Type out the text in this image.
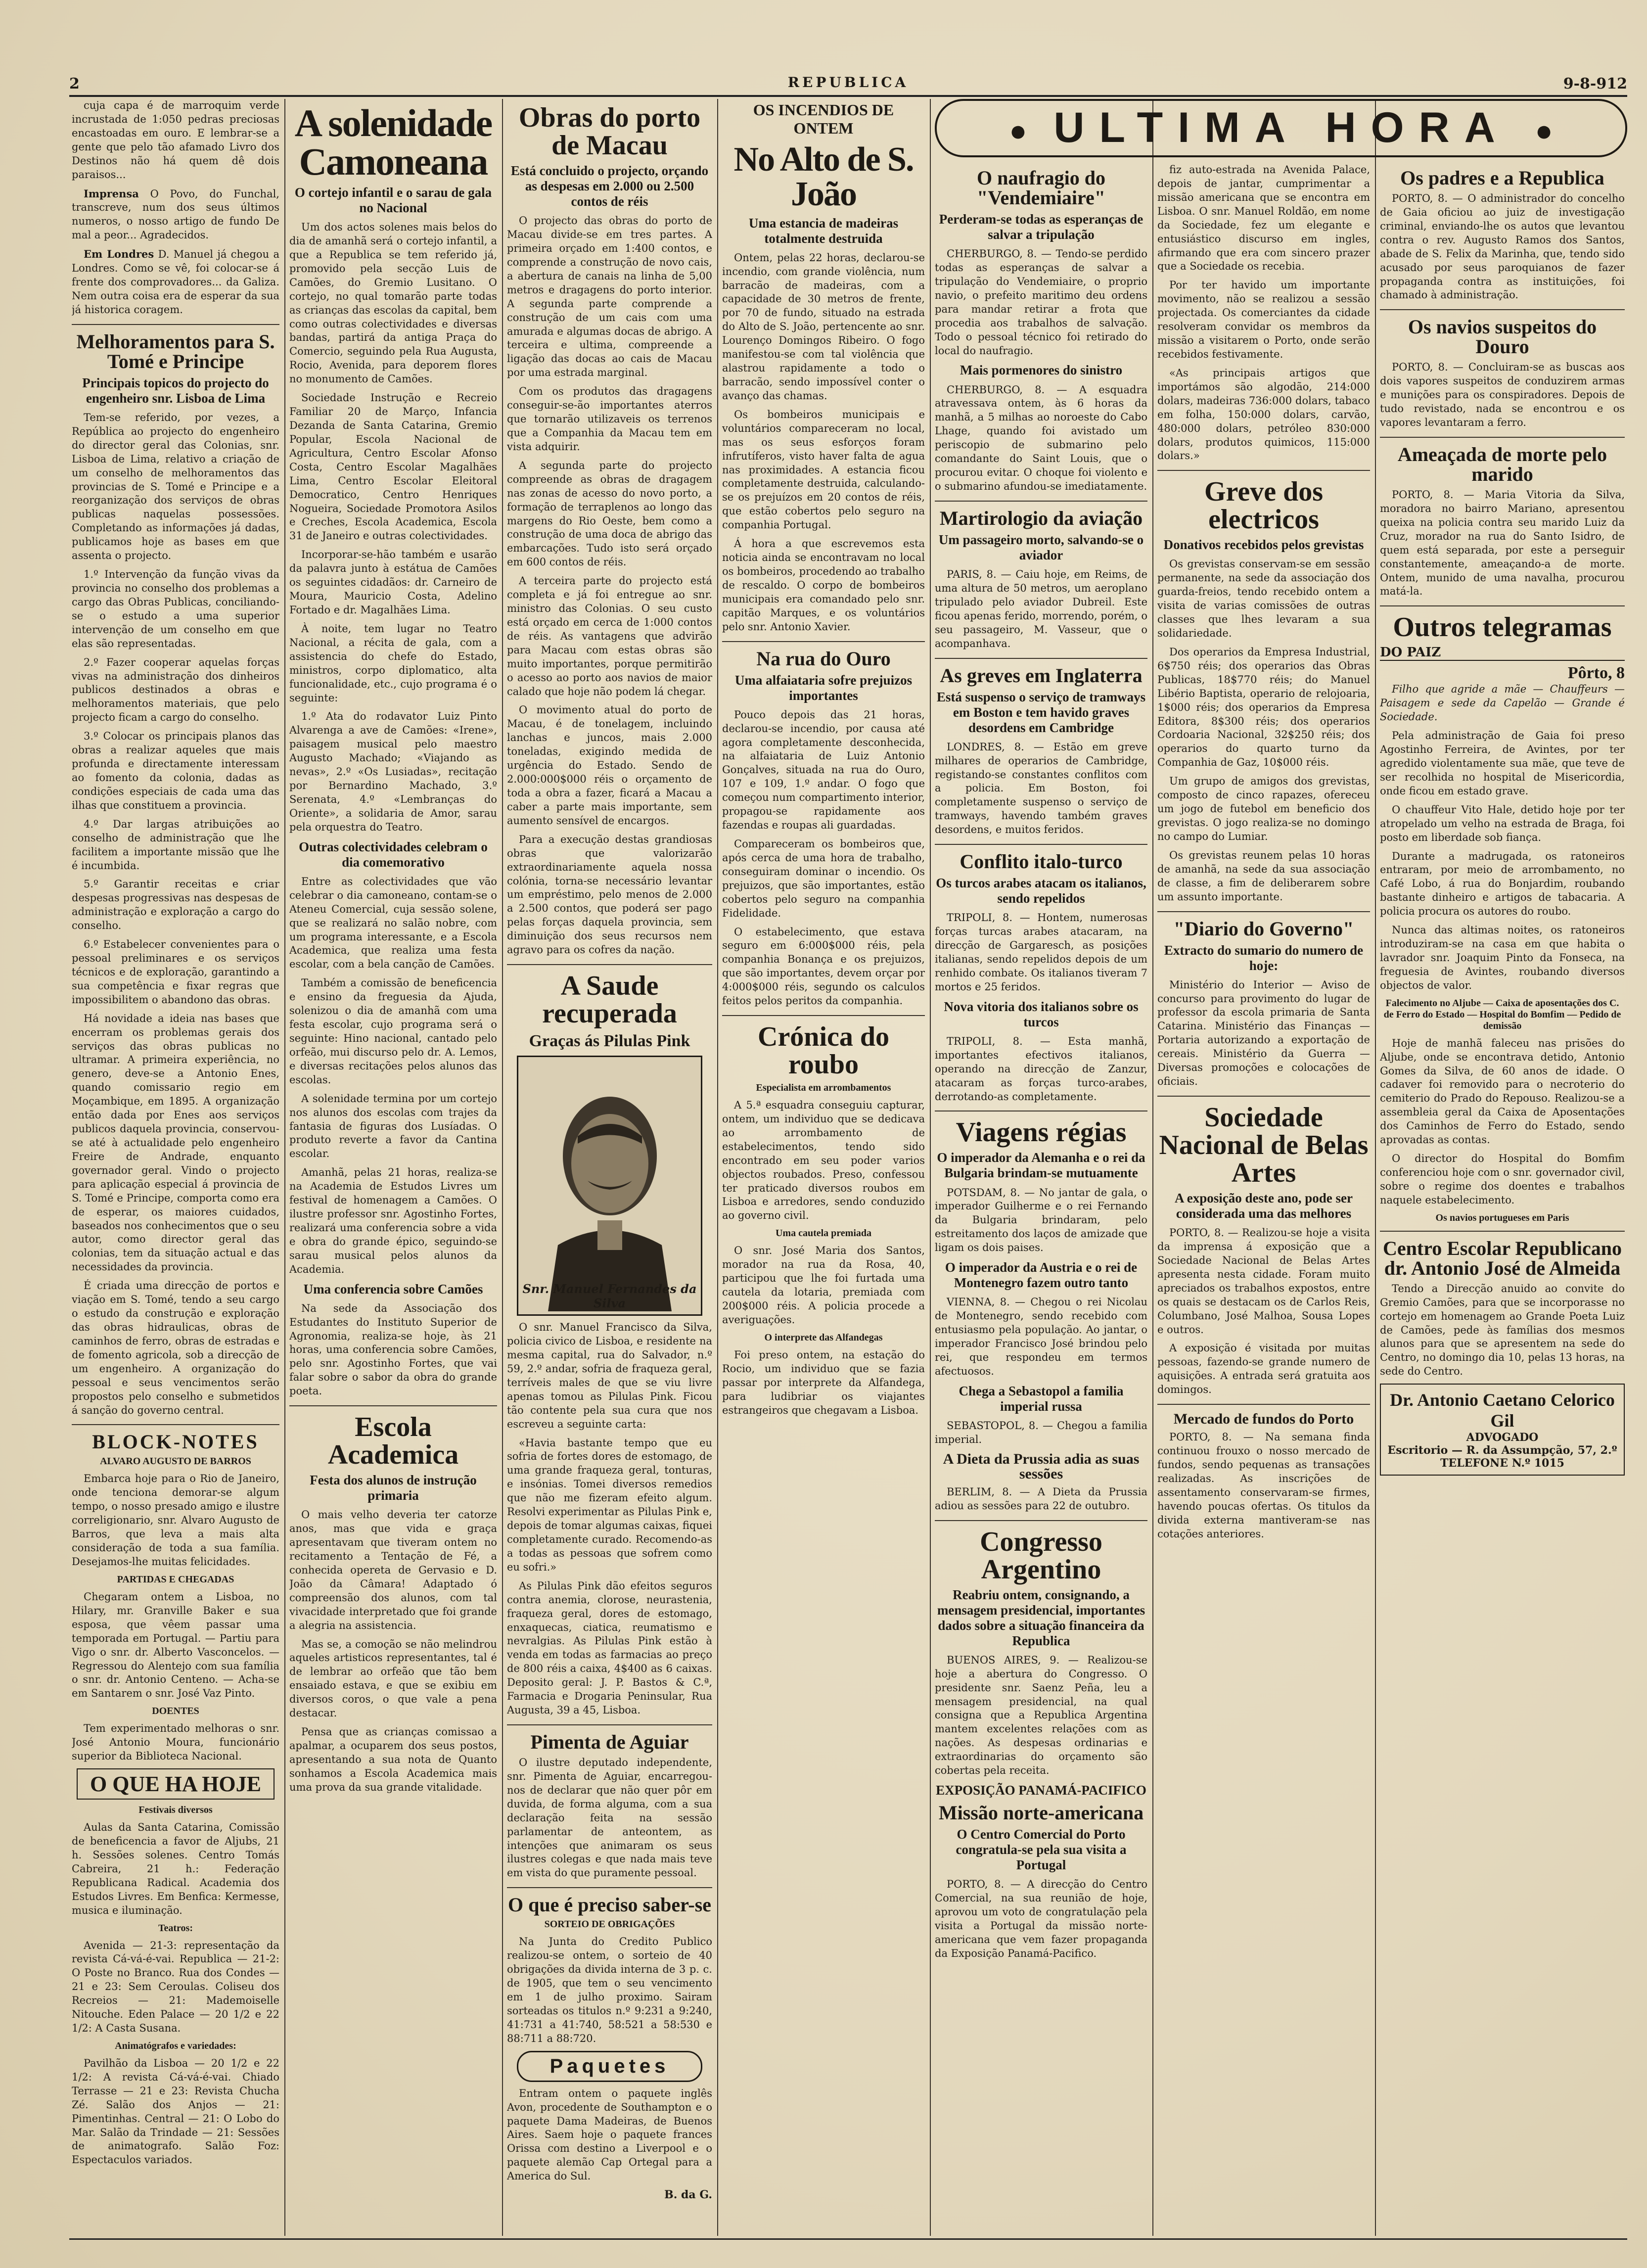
2	REPUBLICA	9-8-912

cuja capa é de marroquim verde incrustada de 1:050 pedras preciosas encastoadas em ouro. E lembrar-se a gente que pelo tão afamado Livro dos Destinos não há quem dê dois paraisos...

Imprensa O Povo, do Funchal, transcreve, num dos seus últimos numeros, o nosso artigo de fundo De mal a peor... Agradecidos.

Em Londres D. Manuel já chegou a Londres. Como se vê, foi colocar-se á frente dos comprovadores... da Galiza. Nem outra coisa era de esperar da sua já historica coragem.

Melhoramentos para S. Tomé e Principe
Principais topicos do projecto do engenheiro snr. Lisboa de Lima

Tem-se referido, por vezes, a República ao projecto do engenheiro do director geral das Colonias, snr. Lisboa de Lima, relativo a criação de um conselho de melhoramentos das provincias de S. Tomé e Principe e a reorganização dos serviços de obras publicas naquelas possessões. Completando as informações já dadas, publicamos hoje as bases em que assenta o projecto.

1.º Intervenção da função vivas da provincia no conselho dos problemas a cargo das Obras Publicas, conciliando-se o estudo a uma superior intervenção de um conselho em que elas são representadas.

2.º Fazer cooperar aquelas forças vivas na administração dos dinheiros publicos destinados a obras e melhoramentos materiais, que pelo projecto ficam a cargo do conselho.

3.º Colocar os principais planos das obras a realizar aqueles que mais profunda e directamente interessam ao fomento da colonia, dadas as condições especiais de cada uma das ilhas que constituem a provincia.

4.º Dar largas atribuições ao conselho de administração que lhe facilitem a importante missão que lhe é incumbida.

5.º Garantir receitas e criar despesas progressivas nas despesas de administração e exploração a cargo do conselho.

6.º Estabelecer convenientes para o pessoal preliminares e os serviços técnicos e de exploração, garantindo a sua competência e fixar regras que impossibilitem o abandono das obras.

Há novidade a ideia nas bases que encerram os problemas gerais dos serviços das obras publicas no ultramar. A primeira experiência, no genero, deve-se a Antonio Enes, quando comissario regio em Moçambique, em 1895. A organização então dada por Enes aos serviços publicos daquela provincia, conservou-se até à actualidade pelo engenheiro Freire de Andrade, enquanto governador geral. Vindo o projecto para aplicação especial á provincia de S. Tomé e Principe, comporta como era de esperar, os maiores cuidados, baseados nos conhecimentos que o seu autor, como director geral das colonias, tem da situação actual e das necessidades da provincia.

É criada uma direcção de portos e viação em S. Tomé, tendo a seu cargo o estudo da construção e exploração das obras hidraulicas, obras de caminhos de ferro, obras de estradas e de fomento agricola, sob a direcção de um engenheiro. A organização do pessoal e seus vencimentos serão propostos pelo conselho e submetidos á sanção do governo central.

BLOCK-NOTES
ALVARO AUGUSTO DE BARROS

Embarca hoje para o Rio de Janeiro, onde tenciona demorar-se algum tempo, o nosso presado amigo e ilustre correligionario, snr. Alvaro Augusto de Barros, que leva a mais alta consideração de toda a sua família. Desejamos-lhe muitas felicidades.

PARTIDAS E CHEGADAS

Chegaram ontem a Lisboa, no Hilary, mr. Granville Baker e sua esposa, que vêem passar uma temporada em Portugal. — Partiu para Vigo o snr. dr. Alberto Vasconcelos. — Regressou do Alentejo com sua família o snr. dr. Antonio Centeno. — Acha-se em Santarem o snr. José Vaz Pinto.

DOENTES

Tem experimentado melhoras o snr. José Antonio Moura, funcionário superior da Biblioteca Nacional.

O QUE HA HOJE
Festivais diversos

Aulas da Santa Catarina, Comissão de beneficencia a favor de Aljubs, 21 h. Sessões solenes. Centro Tomás Cabreira, 21 h.: Federação Republicana Radical. Academia dos Estudos Livres. Em Benfica: Kermesse, musica e iluminação.

Teatros:

Avenida — 21-3: representação da revista Cá-vá-é-vai. Republica — 21-2: O Poste no Branco. Rua dos Condes — 21 e 23: Sem Ceroulas. Coliseu dos Recreios — 21: Mademoiselle Nitouche. Eden Palace — 20 1/2 e 22 1/2: A Casta Susana.

Animatógrafos e variedades:

Pavilhão da Lisboa — 20 1/2 e 22 1/2: A revista Cá-vá-é-vai. Chiado Terrasse — 21 e 23: Revista Chucha Zé. Salão dos Anjos — 21: Pimentinhas. Central — 21: O Lobo do Mar. Salão da Trindade — 21: Sessões de animatografo. Salão Foz: Espectaculos variados.

A solenidade Camoneana
O cortejo infantil e o sarau de gala no Nacional

Um dos actos solenes mais belos do dia de amanhã será o cortejo infantil, a que a Republica se tem referido já, promovido pela secção Luis de Camões, do Gremio Lusitano. O cortejo, no qual tomarão parte todas as crianças das escolas da capital, bem como outras colectividades e diversas bandas, partirá da antiga Praça do Comercio, seguindo pela Rua Augusta, Rocio, Avenida, para deporem flores no monumento de Camões.

Sociedade Instrução e Recreio Familiar 20 de Março, Infancia Dezanda de Santa Catarina, Gremio Popular, Escola Nacional de Agricultura, Centro Escolar Afonso Costa, Centro Escolar Magalhães Lima, Centro Escolar Eleitoral Democratico, Centro Henriques Nogueira, Sociedade Promotora Asilos e Creches, Escola Academica, Escola 31 de Janeiro e outras colectividades.

Incorporar-se-hão também e usarão da palavra junto à estátua de Camões os seguintes cidadãos: dr. Carneiro de Moura, Mauricio Costa, Adelino Fortado e dr. Magalhães Lima.

À noite, tem lugar no Teatro Nacional, a récita de gala, com a assistencia do chefe do Estado, ministros, corpo diplomatico, alta funcionalidade, etc., cujo programa é o seguinte:

1.º Ata do rodavator Luiz Pinto Alvarenga a ave de Camões: «Irene», paisagem musical pelo maestro Augusto Machado; «Viajando as nevas», 2.º «Os Lusiadas», recitação por Bernardino Machado, 3.º Serenata, 4.º «Lembranças do Oriente», a solidaria de Amor, sarau pela orquestra do Teatro.

Outras colectividades celebram o dia comemorativo

Entre as colectividades que vão celebrar o dia camoneano, contam-se o Ateneu Comercial, cuja sessão solene, que se realizará no salão nobre, com um programa interessante, e a Escola Academica, que realiza uma festa escolar, com a bela canção de Camões.

Também a comissão de beneficencia e ensino da freguesia da Ajuda, solenizou o dia de amanhã com uma festa escolar, cujo programa será o seguinte: Hino nacional, cantado pelo orfeão, mui discurso pelo dr. A. Lemos, e diversas recitações pelos alunos das escolas.

A solenidade termina por um cortejo nos alunos dos escolas com trajes da fantasia de figuras dos Lusíadas. O produto reverte a favor da Cantina escolar.

Amanhã, pelas 21 horas, realiza-se na Academia de Estudos Livres um festival de homenagem a Camões. O ilustre professor snr. Agostinho Fortes, realizará uma conferencia sobre a vida e obra do grande épico, seguindo-se sarau musical pelos alunos da Academia.

Uma conferencia sobre Camões

Na sede da Associação dos Estudantes do Instituto Superior de Agronomia, realiza-se hoje, às 21 horas, uma conferencia sobre Camões, pelo snr. Agostinho Fortes, que vai falar sobre o sabor da obra do grande poeta.

Escola Academica
Festa dos alunos de instrução primaria

O mais velho deveria ter catorze anos, mas que vida e graça apresentavam que tiveram ontem no recitamento a Tentação de Fé, a conhecida opereta de Gervasio e D. João da Câmara! Adaptado ó compreensão dos alunos, com tal vivacidade interpretado que foi grande a alegria na assistencia.

Mas se, a comoção se não melindrou aqueles artisticos representantes, tal é de lembrar ao orfeão que tão bem ensaiado estava, e que se exibiu em diversos coros, o que vale a pena destacar.

Pensa que as crianças comissao a apalmar, a ocuparem dos seus postos, apresentando a sua nota de Quanto sonhamos a Escola Academica mais uma prova da sua grande vitalidade.

Obras do porto de Macau
Está concluido o projecto, orçando as despesas em 2.000 ou 2.500 contos de réis

O projecto das obras do porto de Macau divide-se em tres partes. A primeira orçado em 1:400 contos, e comprende a construção de novo cais, a abertura de canais na linha de 5,00 metros e dragagens do porto interior. A segunda parte comprende a construção de um cais com uma amurada e algumas docas de abrigo. A terceira e ultima, compreende a ligação das docas ao cais de Macau por uma estrada marginal.

Com os produtos das dragagens conseguir-se-ão importantes aterros que tornarão utilizaveis os terrenos que a Companhia da Macau tem em vista adquirir.

A segunda parte do projecto compreende as obras de dragagem nas zonas de acesso do novo porto, a formação de terraplenos ao longo das margens do Rio Oeste, bem como a construção de uma doca de abrigo das embarcações. Tudo isto será orçado em 600 contos de réis.

A terceira parte do projecto está completa e já foi entregue ao snr. ministro das Colonias. O seu custo está orçado em cerca de 1:000 contos de réis. As vantagens que advirão para Macau com estas obras são muito importantes, porque permitirão o acesso ao porto aos navios de maior calado que hoje não podem lá chegar.

O movimento atual do porto de Macau, é de tonelagem, incluindo lanchas e juncos, mais 2.000 toneladas, exigindo medida de urgência do Estado. Sendo de 2.000:000$000 réis o orçamento de toda a obra a fazer, ficará a Macau a caber a parte mais importante, sem aumento sensível de encargos.

Para a execução destas grandiosas obras que valorizarão extraordinariamente aquela nossa colónia, torna-se necessário levantar um empréstimo, pelo menos de 2.000 a 2.500 contos, que poderá ser pago pelas forças daquela provincia, sem diminuição dos seus recursos nem agravo para os cofres da nação.

A Saude recuperada
Graças ás Pilulas Pink
Snr. Manuel Fernandes da Silva

O snr. Manuel Francisco da Silva, policia civico de Lisboa, e residente na mesma capital, rua do Salvador, n.º 59, 2.º andar, sofria de fraqueza geral, terríveis males de que se viu livre apenas tomou as Pilulas Pink. Ficou tão contente pela sua cura que nos escreveu a seguinte carta:

«Havia bastante tempo que eu sofria de fortes dores de estomago, de uma grande fraqueza geral, tonturas, e insónias. Tomei diversos remedios que não me fizeram efeito algum. Resolvi experimentar as Pilulas Pink e, depois de tomar algumas caixas, fiquei completamente curado. Recomendo-as a todas as pessoas que sofrem como eu sofri.»

As Pilulas Pink dão efeitos seguros contra anemia, clorose, neurastenia, fraqueza geral, dores de estomago, enxaquecas, ciatica, reumatismo e nevralgias. As Pilulas Pink estão à venda em todas as farmacias ao preço de 800 réis a caixa, 4$400 as 6 caixas. Deposito geral: J. P. Bastos & C.ª, Farmacia e Drogaria Peninsular, Rua Augusta, 39 a 45, Lisboa.

Pimenta de Aguiar

O ilustre deputado independente, snr. Pimenta de Aguiar, encarregou-nos de declarar que não quer pôr em duvida, de forma alguma, com a sua declaração feita na sessão parlamentar de anteontem, as intenções que animaram os seus ilustres colegas e que nada mais teve em vista do que puramente pessoal.

O que é preciso saber-se
SORTEIO DE OBRIGAÇÕES

Na Junta do Credito Publico realizou-se ontem, o sorteio de 40 obrigações da divida interna de 3 p. c. de 1905, que tem o seu vencimento em 1 de julho proximo. Sairam sorteadas os titulos n.º 9:231 a 9:240, 41:731 a 41:740, 58:521 a 58:530 e 88:711 a 88:720.

Paquetes

Entram ontem o paquete inglês Avon, procedente de Southampton e o paquete Dama Madeiras, de Buenos Aires. Saem hoje o paquete frances Orissa com destino a Liverpool e o paquete alemão Cap Ortegal para a America do Sul.

B. da G.
OS INCENDIOS DE ONTEM
No Alto de S. João
Uma estancia de madeiras totalmente destruida

Ontem, pelas 22 horas, declarou-se incendio, com grande violência, num barracão de madeiras, com a capacidade de 30 metros de frente, por 70 de fundo, situado na estrada do Alto de S. João, pertencente ao snr. Lourenço Domingos Ribeiro. O fogo manifestou-se com tal violência que alastrou rapidamente a todo o barracão, sendo impossível conter o avanço das chamas.

Os bombeiros municipais e voluntários compareceram no local, mas os seus esforços foram infrutíferos, visto haver falta de agua nas proximidades. A estancia ficou completamente destruida, calculando-se os prejuízos em 20 contos de réis, que estão cobertos pelo seguro na companhia Portugal.

Á hora a que escrevemos esta noticia ainda se encontravam no local os bombeiros, procedendo ao trabalho de rescaldo. O corpo de bombeiros municipais era comandado pelo snr. capitão Marques, e os voluntários pelo snr. Antonio Xavier.

Na rua do Ouro
Uma alfaiataria sofre prejuizos importantes

Pouco depois das 21 horas, declarou-se incendio, por causa até agora completamente desconhecida, na alfaiataria de Luiz Antonio Gonçalves, situada na rua do Ouro, 107 e 109, 1.º andar. O fogo que começou num compartimento interior, propagou-se rapidamente aos fazendas e roupas ali guardadas.

Compareceram os bombeiros que, após cerca de uma hora de trabalho, conseguiram dominar o incendio. Os prejuizos, que são importantes, estão cobertos pelo seguro na companhia Fidelidade.

O estabelecimento, que estava seguro em 6:000$000 réis, pela companhia Bonança e os prejuizos, que são importantes, devem orçar por 4:000$000 réis, segundo os calculos feitos pelos peritos da companhia.

Crónica do roubo
Especialista em arrombamentos

A 5.ª esquadra conseguiu capturar, ontem, um individuo que se dedicava ao arrombamento de estabelecimentos, tendo sido encontrado em seu poder varios objectos roubados. Preso, confessou ter praticado diversos roubos em Lisboa e arredores, sendo conduzido ao governo civil.

Uma cautela premiada

O snr. José Maria dos Santos, morador na rua da Rosa, 40, participou que lhe foi furtada uma cautela da lotaria, premiada com 200$000 réis. A policia procede a averiguações.

O interprete das Alfandegas

Foi preso ontem, na estação do Rocio, um individuo que se fazia passar por interprete da Alfandega, para ludibriar os viajantes estrangeiros que chegavam a Lisboa.

● ULTIMA HORA ●
O naufragio do "Vendemiaire"
Perderam-se todas as esperanças de salvar a tripulação

CHERBURGO, 8. — Tendo-se perdido todas as esperanças de salvar a tripulação do Vendemiaire, o proprio navio, o prefeito maritimo deu ordens para mandar retirar a frota que procedia aos trabalhos de salvação. Todo o pessoal técnico foi retirado do local do naufragio.

Mais pormenores do sinistro

CHERBURGO, 8. — A esquadra atravessava ontem, às 6 horas da manhã, a 5 milhas ao noroeste do Cabo Lhage, quando foi avistado um periscopio de submarino pelo comandante do Saint Louis, que o procurou evitar. O choque foi violento e o submarino afundou-se imediatamente.

Martirologio da aviação
Um passageiro morto, salvando-se o aviador

PARIS, 8. — Caiu hoje, em Reims, de uma altura de 50 metros, um aeroplano tripulado pelo aviador Dubreil. Este ficou apenas ferido, morrendo, porém, o seu passageiro, M. Vasseur, que o acompanhava.

As greves em Inglaterra
Está suspenso o serviço de tramways em Boston e tem havido graves desordens em Cambridge

LONDRES, 8. — Estão em greve milhares de operarios de Cambridge, registando-se constantes conflitos com a policia. Em Boston, foi completamente suspenso o serviço de tramways, havendo também graves desordens, e muitos feridos.

Conflito italo-turco
Os turcos arabes atacam os italianos, sendo repelidos

TRIPOLI, 8. — Hontem, numerosas forças turcas arabes atacaram, na direcção de Gargaresch, as posições italianas, sendo repelidos depois de um renhido combate. Os italianos tiveram 7 mortos e 25 feridos.

Nova vitoria dos italianos sobre os turcos

TRIPOLI, 8. — Esta manhã, importantes efectivos italianos, operando na direcção de Zanzur, atacaram as forças turco-arabes, derrotando-as completamente.

Viagens régias
O imperador da Alemanha e o rei da Bulgaria brindam-se mutuamente

POTSDAM, 8. — No jantar de gala, o imperador Guilherme e o rei Fernando da Bulgaria brindaram, pelo estreitamento dos laços de amizade que ligam os dois paises.

O imperador da Austria e o rei de Montenegro fazem outro tanto

VIENNA, 8. — Chegou o rei Nicolau de Montenegro, sendo recebido com entusiasmo pela população. Ao jantar, o imperador Francisco José brindou pelo rei, que respondeu em termos afectuosos.

Chega a Sebastopol a familia imperial russa

SEBASTOPOL, 8. — Chegou a familia imperial.

A Dieta da Prussia adia as suas sessões

BERLIM, 8. — A Dieta da Prussia adiou as sessões para 22 de outubro.

Congresso Argentino
Reabriu ontem, consignando, a mensagem presidencial, importantes dados sobre a situação financeira da Republica

BUENOS AIRES, 9. — Realizou-se hoje a abertura do Congresso. O presidente snr. Saenz Peña, leu a mensagem presidencial, na qual consigna que a Republica Argentina mantem excelentes relações com as nações. As despesas ordinarias e extraordinarias do orçamento são cobertas pela receita.

EXPOSIÇÃO PANAMÁ-PACIFICO
Missão norte-americana
O Centro Comercial do Porto congratula-se pela sua visita a Portugal

PORTO, 8. — A direcção do Centro Comercial, na sua reunião de hoje, aprovou um voto de congratulação pela visita a Portugal da missão norte-americana que vem fazer propaganda da Exposição Panamá-Pacifico.

fiz auto-estrada na Avenida Palace, depois de jantar, cumprimentar a missão americana que se encontra em Lisboa. O snr. Manuel Roldão, em nome da Sociedade, fez um elegante e entusiástico discurso em ingles, afirmando que era com sincero prazer que a Sociedade os recebia.

Por ter havido um importante movimento, não se realizou a sessão projectada. Os comerciantes da cidade resolveram convidar os membros da missão a visitarem o Porto, onde serão recebidos festivamente.

«As principais artigos que importámos são algodão, 214:000 dolars, madeiras 736:000 dolars, tabaco em folha, 150:000 dolars, carvão, 480:000 dolars, petróleo 830:000 dolars, produtos quimicos, 115:000 dolars.»

Greve dos electricos
Donativos recebidos pelos grevistas

Os grevistas conservam-se em sessão permanente, na sede da associação dos guarda-freios, tendo recebido ontem a visita de varias comissões de outras classes que lhes levaram a sua solidariedade.

Dos operarios da Empresa Industrial, 6$750 réis; dos operarios das Obras Publicas, 18$770 réis; do Manuel Libério Baptista, operario de relojoaria, 1$000 réis; dos operarios da Empresa Editora, 8$300 réis; dos operarios Cordoaria Nacional, 32$250 réis; dos operarios do quarto turno da Companhia de Gaz, 10$000 réis.

Um grupo de amigos dos grevistas, composto de cinco rapazes, ofereceu um jogo de futebol em beneficio dos grevistas. O jogo realiza-se no domingo no campo do Lumiar.

Os grevistas reunem pelas 10 horas de amanhã, na sede da sua associação de classe, a fim de deliberarem sobre um assunto importante.

"Diario do Governo"
Extracto do sumario do numero de hoje:

Ministério do Interior — Aviso de concurso para provimento do lugar de professor da escola primaria de Santa Catarina. Ministério das Finanças — Portaria autorizando a exportação de cereais. Ministério da Guerra — Diversas promoções e colocações de oficiais.

Sociedade Nacional de Belas Artes
A exposição deste ano, pode ser considerada uma das melhores

PORTO, 8. — Realizou-se hoje a visita da imprensa á exposição que a Sociedade Nacional de Belas Artes apresenta nesta cidade. Foram muito apreciados os trabalhos expostos, entre os quais se destacam os de Carlos Reis, Columbano, José Malhoa, Sousa Lopes e outros.

A exposição é visitada por muitas pessoas, fazendo-se grande numero de aquisições. A entrada será gratuita aos domingos.

Mercado de fundos do Porto

PORTO, 8. — Na semana finda continuou frouxo o nosso mercado de fundos, sendo pequenas as transações realizadas. As inscrições de assentamento conservaram-se firmes, havendo poucas ofertas. Os titulos da divida externa mantiveram-se nas cotações anteriores.

Os padres e a Republica

PORTO, 8. — O administrador do concelho de Gaia oficiou ao juiz de investigação criminal, enviando-lhe os autos que levantou contra o rev. Augusto Ramos dos Santos, abade de S. Felix da Marinha, que, tendo sido acusado por seus paroquianos de fazer propaganda contra as instituições, foi chamado à administração.

Os navios suspeitos do Douro

PORTO, 8. — Concluiram-se as buscas aos dois vapores suspeitos de conduzirem armas e munições para os conspiradores. Depois de tudo revistado, nada se encontrou e os vapores levantaram a ferro.

Ameaçada de morte pelo marido

PORTO, 8. — Maria Vitoria da Silva, moradora no bairro Mariano, apresentou queixa na policia contra seu marido Luiz da Cruz, morador na rua do Santo Isidro, de quem está separada, por este a perseguir constantemente, ameaçando-a de morte. Ontem, munido de uma navalha, procurou matá-la.

Outros telegramas
DO PAIZ
Pôrto, 8

Filho que agride a mãe — Chauffeurs — Paisagem e sede da Capelão — Grande é Sociedade.

Pela administração de Gaia foi preso Agostinho Ferreira, de Avintes, por ter agredido violentamente sua mãe, que teve de ser recolhida no hospital de Misericordia, onde ficou em estado grave.

O chauffeur Vito Hale, detido hoje por ter atropelado um velho na estrada de Braga, foi posto em liberdade sob fiança.

Durante a madrugada, os ratoneiros entraram, por meio de arrombamento, no Café Lobo, á rua do Bonjardim, roubando bastante dinheiro e artigos de tabacaria. A policia procura os autores do roubo.

Nunca das altimas noites, os ratoneiros introduziram-se na casa em que habita o lavrador snr. Joaquim Pinto da Fonseca, na freguesia de Avintes, roubando diversos objectos de valor.

Falecimento no Aljube — Caixa de aposentações dos C. de Ferro do Estado — Hospital do Bomfim — Pedido de demissão

Hoje de manhã faleceu nas prisões do Aljube, onde se encontrava detido, Antonio Gomes da Silva, de 60 anos de idade. O cadaver foi removido para o necroterio do cemiterio do Prado do Repouso. Realizou-se a assembleia geral da Caixa de Aposentações dos Caminhos de Ferro do Estado, sendo aprovadas as contas.

O director do Hospital do Bomfim conferenciou hoje com o snr. governador civil, sobre o regime dos doentes e trabalhos naquele estabelecimento.

Os navios portugueses em Paris
Centro Escolar Republicano dr. Antonio José de Almeida

Tendo a Direcção anuido ao convite do Gremio Camões, para que se incorporasse no cortejo em homenagem ao Grande Poeta Luiz de Camões, pede às famílias dos mesmos alunos para que se apresentem na sede do Centro, no domingo dia 10, pelas 13 horas, na sede do Centro.

Dr. Antonio Caetano Celorico Gil
ADVOGADO
Escritorio — R. da Assumpção, 57, 2.º
TELEFONE N.º 1015
